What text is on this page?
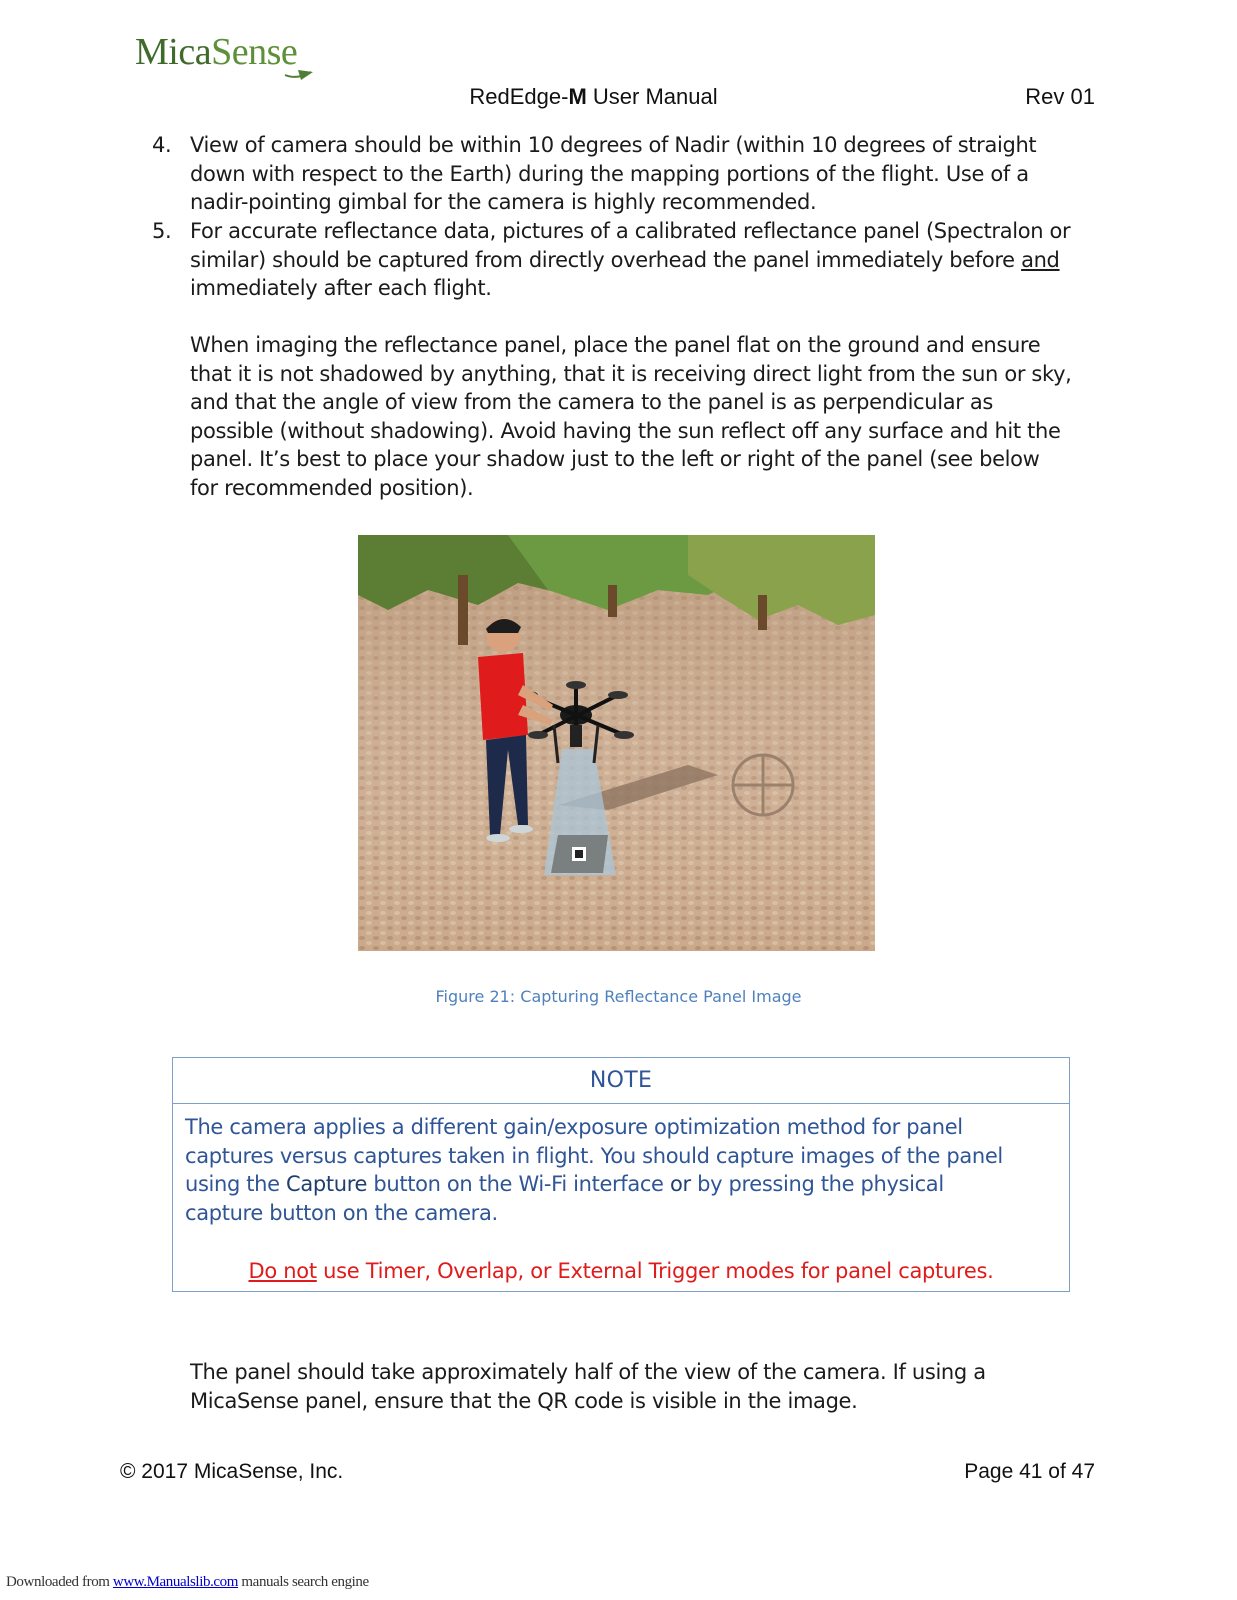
MicaSense
RedEdge-M User Manual	Rev 01
4. View of camera should be within 10 degrees of Nadir (within 10 degrees of straight
down with respect to the Earth) during the mapping portions of the flight. Use of a
nadir-pointing gimbal for the camera is highly recommended.
5. For accurate reflectance data, pictures of a calibrated reflectance panel (Spectralon or
similar) should be captured from directly overhead the panel immediately before and
immediately after each flight.
When imaging the reflectance panel, place the panel flat on the ground and ensure
that it is not shadowed by anything, that it is receiving direct light from the sun or sky,
and that the angle of view from the camera to the panel is as perpendicular as
possible (without shadowing). Avoid having the sun reflect off any surface and hit the
panel. It’s best to place your shadow just to the left or right of the panel (see below
for recommended position).
Figure 21: Capturing Reflectance Panel Image
NOTE
The camera applies a different gain/exposure optimization method for panel
captures versus captures taken in flight. You should capture images of the panel
using the Capture button on the Wi-Fi interface or by pressing the physical
capture button on the camera.
Do not use Timer, Overlap, or External Trigger modes for panel captures.
The panel should take approximately half of the view of the camera. If using a
MicaSense panel, ensure that the QR code is visible in the image.
© 2017 MicaSense, Inc.	Page 41 of 47
Downloaded from www.Manualslib.com manuals search engine
